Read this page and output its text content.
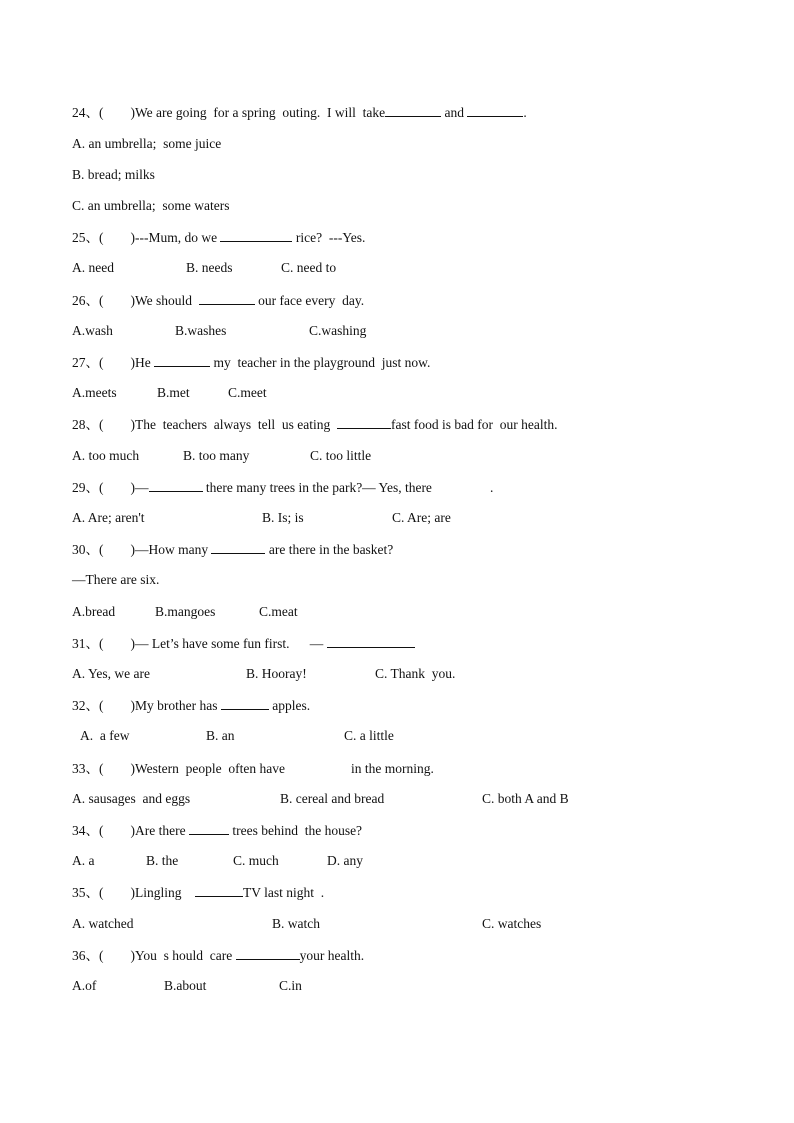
24、(        )We are going  for a spring  outing.  I will  take	and	.

A. an umbrella;  some juice

B. bread; milks

C. an umbrella;  some waters

25、(        )---Mum, do we	rice?  ---Yes.

A. need	B. needs	C. need to

26、(        )We should	our face every  day.

A.wash	B.washes	C.washing

27、(        )He	my  teacher in the playground  just now.

A.meets	B.met	C.meet

28、(        )The  teachers  always  tell  us eating	fast food is bad for  our health.

A. too much	B. too many	C. too little

29、(        )—	there many trees in the park?— Yes, there	.

A. Are; aren't	B. Is; is	C. Are; are

30、(        )—How many	are there in the basket?

—There are six.

A.bread	B.mangoes	C.meat

31、(        )— Let’s have some fun first.      —

A. Yes, we are	B. Hooray!	C. Thank  you.

32、(        )My brother has	apples.

A.  a few	B. an	C. a little

33、(        )Western  people  often have	in the morning.

A. sausages  and eggs	B. cereal and bread	C. both A and B

34、(        )Are there	trees behind  the house?

A. a	B. the	C. much	D. any

35、(        )Lingling	TV last night  .

A. watched	B. watch	C. watches

36、(        )You  s hould  care	your health.

A.of	B.about	C.in
